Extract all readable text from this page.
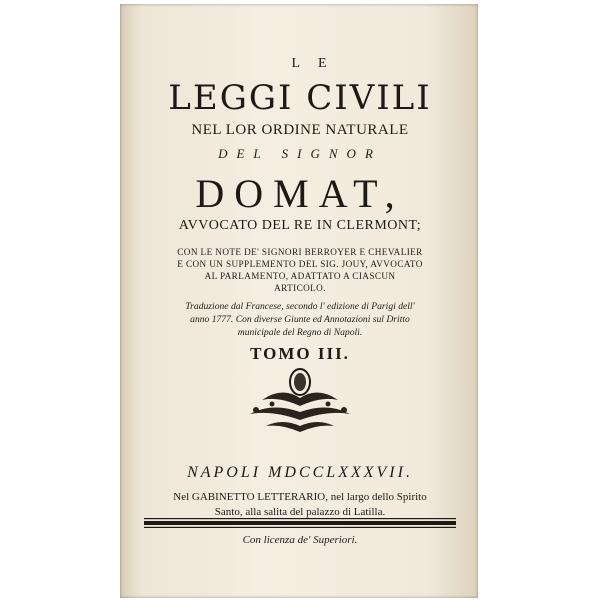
LE
LEGGI CIVILI
NEL LOR ORDINE NATURALE
DEL SIGNOR
DOMAT,
AVVOCATO DEL RE IN CLERMONT;
CON LE NOTE DE' SIGNORI BERROYER E CHEVALIER
E CON UN SUPPLEMENTO DEL SIG. JOUY, AVVOCATO
AL PARLAMENTO, ADATTATO A CIASCUN
ARTICOLO.
Traduzione dal Francese, secondo l' edizione di Parigi dell'
anno 1777. Con diverse Giunte ed Annotazioni sul Dritto
municipale del Regno di Napoli.
TOMO III.
NAPOLI MDCCLXXXVII.
Nel GABINETTO LETTERARIO, nel largo dello Spirito
Santo, alla salita del palazzo di Latilla.
Con licenza de' Superiori.
